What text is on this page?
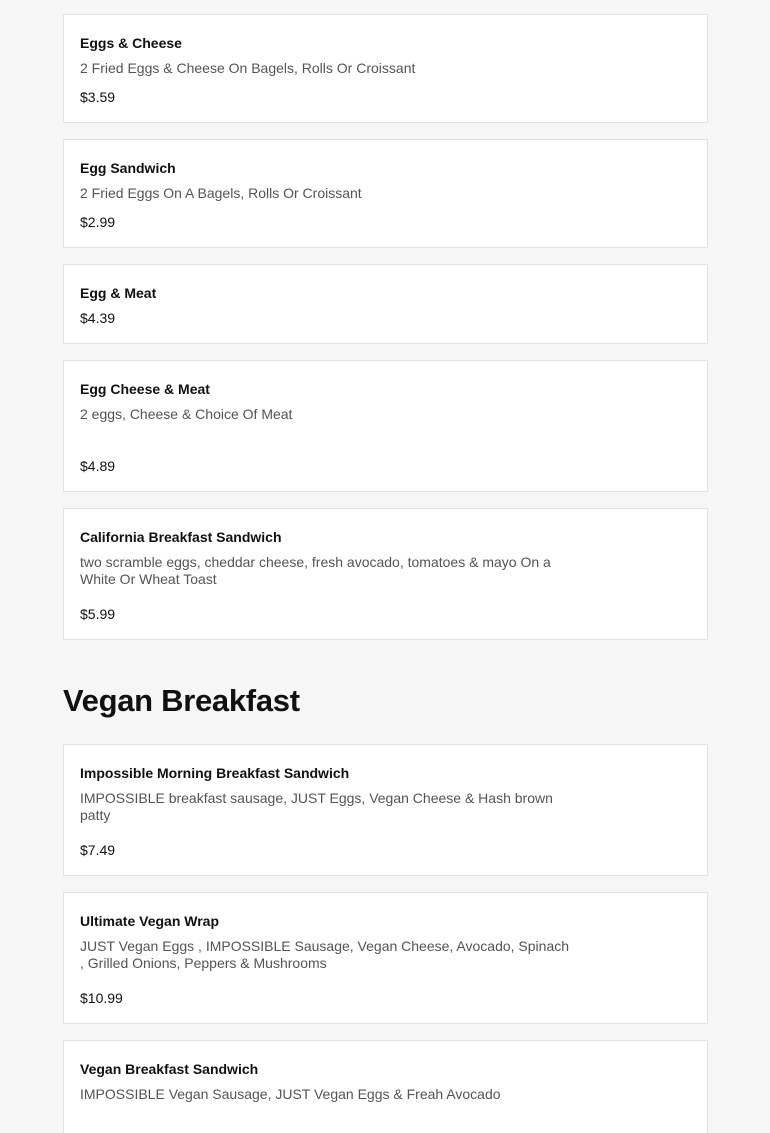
Eggs & Cheese
2 Fried Eggs & Cheese On Bagels, Rolls Or Croissant
$3.59
Egg Sandwich
2 Fried Eggs On A Bagels, Rolls Or Croissant
$2.99
Egg & Meat
$4.39
Egg Cheese & Meat
2 eggs, Cheese & Choice Of Meat
$4.89
California Breakfast Sandwich
two scramble eggs, cheddar cheese, fresh avocado, tomatoes & mayo On a White Or Wheat Toast
$5.99
Vegan Breakfast
Impossible Morning Breakfast Sandwich
IMPOSSIBLE breakfast sausage, JUST Eggs, Vegan Cheese & Hash brown patty
$7.49
Ultimate Vegan Wrap
JUST Vegan Eggs , IMPOSSIBLE Sausage, Vegan Cheese, Avocado, Spinach , Grilled Onions, Peppers & Mushrooms
$10.99
Vegan Breakfast Sandwich
IMPOSSIBLE Vegan Sausage, JUST Vegan Eggs & Freah Avocado
